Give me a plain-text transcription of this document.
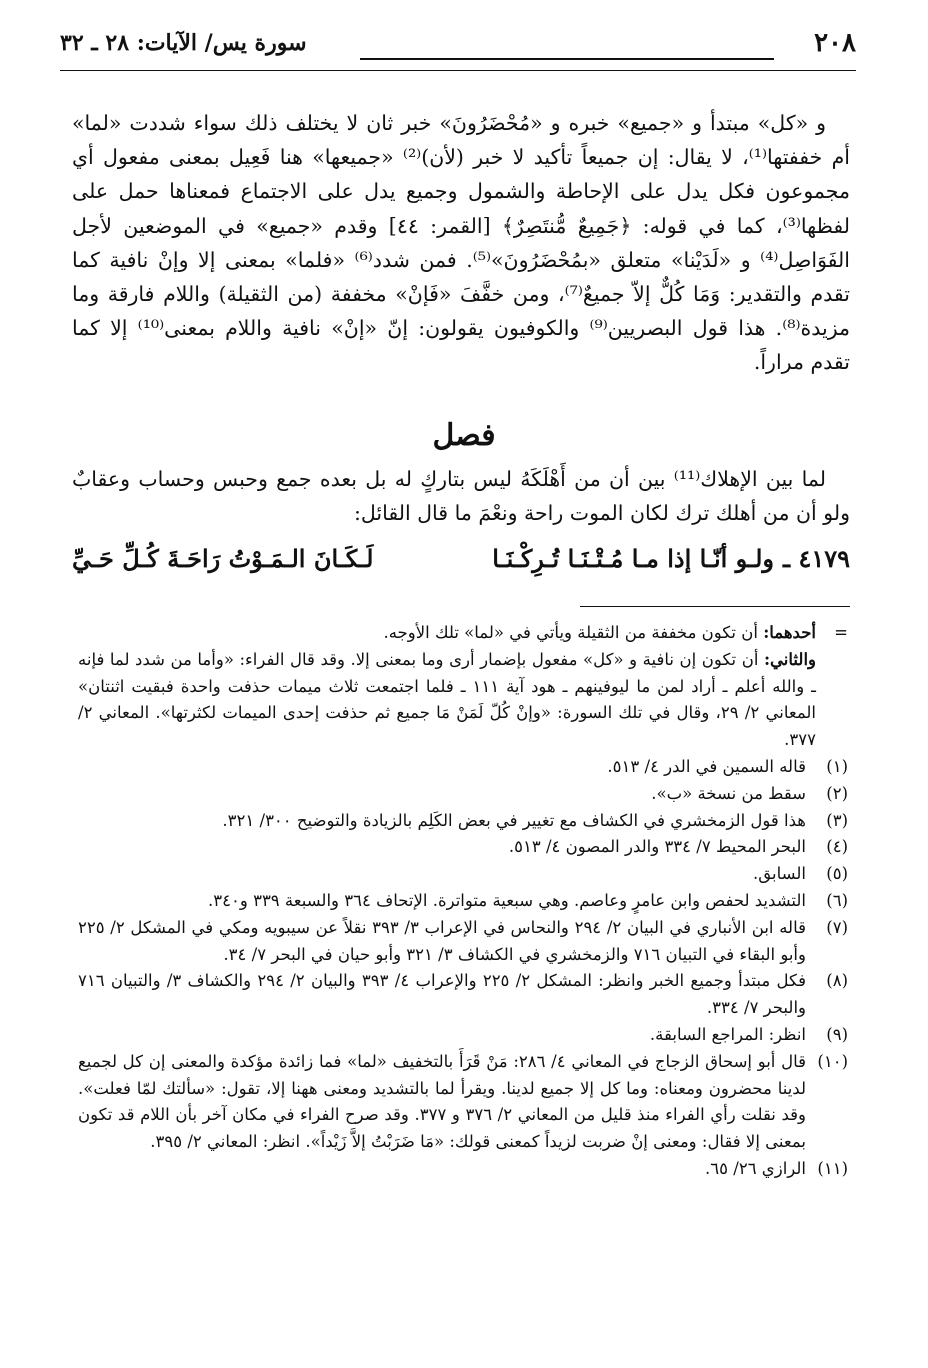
٢٠٨
سورة يس/ الآيات: ٢٨ ـ ٣٢

و «كل» مبتدأ و «جميع» خبره و «مُحْضَرُونَ» خبر ثان لا يختلف ذلك سواء شددت «لما» أم خففتها⁽¹⁾، لا يقال: إن جميعاً تأكيد لا خبر (لأن)⁽²⁾ «جميعها» هنا فَعِيل بمعنى مفعول أي مجموعون فكل يدل على الإحاطة والشمول وجميع يدل على الاجتماع فمعناها حمل على لفظها⁽³⁾، كما في قوله: ﴿جَمِيعٌ مُّنتَصِرٌ﴾ [القمر: ٤٤] وقدم «جميع» في الموضعين لأجل الفَوَاصِل⁽⁴⁾ و «لَدَيْنا» متعلق «بمُحْضَرُونَ»⁽⁵⁾. فمن شدد⁽⁶⁾ «فلما» بمعنى إلا وإنْ نافية كما تقدم والتقدير: وَمَا كُلٌّ إلاّ جميعٌ⁽⁷⁾، ومن خفَّفَ «فَإنْ» مخففة (من الثقيلة) واللام فارقة وما مزيدة⁽⁸⁾. هذا قول البصريين⁽⁹⁾ والكوفيون يقولون: إنّ «إنْ» نافية واللام بمعنى⁽¹⁰⁾ إلا كما تقدم مراراً.

فصل

لما بين الإهلاك⁽¹¹⁾ بين أن من أَهْلَكَهُ ليس بتاركٍ له بل بعده جمع وحبس وحساب وعقابٌ ولو أن من أهلك ترك لكان الموت راحة ونعْمَ ما قال القائل:

٤١٧٩ ـ
ولـو أنّـا إذا مـا مُـتْـنَـا تُـرِكْـنَـا
لَـكَـانَ الـمَـوْتُ رَاحَـةَ كُـلِّ حَـيِّ
=

أحدهما: أن تكون مخففة من الثقيلة ويأتي في «لما» تلك الأوجه.

والثاني: أن تكون إن نافية و «كل» مفعول بإضمار أرى وما بمعنى إلا. وقد قال الفراء: «وأما من شدد لما فإنه ـ والله أعلم ـ أراد لمن ما ليوفينهم ـ هود آية ١١١ ـ فلما اجتمعت ثلاث ميمات حذفت واحدة فبقيت اثنتان» المعاني ٢/ ٢٩، وقال في تلك السورة: «وإنْ كُلّ لَمَنْ مَا جميع ثم حذفت إحدى الميمات لكثرتها». المعاني ٢/ ٣٧٧.

(١)
قاله السمين في الدر ٤/ ٥١٣.
(٢)
سقط من نسخة «ب».
(٣)
هذا قول الزمخشري في الكشاف مع تغيير في بعض الكَلِم بالزيادة والتوضيح ٣٠٠/ ٣٢١.
(٤)
البحر المحيط ٧/ ٣٣٤ والدر المصون ٤/ ٥١٣.
(٥)
السابق.
(٦)
التشديد لحفص وابن عامرٍ وعاصم. وهي سبعية متواترة. الإتحاف ٣٦٤ والسبعة ٣٣٩ و٣٤٠.
(٧)
قاله ابن الأنباري في البيان ٢/ ٢٩٤ والنحاس في الإعراب ٣/ ٣٩٣ نقلاً عن سيبويه ومكي في المشكل ٢/ ٢٢٥ وأبو البقاء في التبيان ٧١٦ والزمخشري في الكشاف ٣/ ٣٢١ وأبو حيان في البحر ٧/ ٣٤.
(٨)
فكل مبتدأ وجميع الخبر وانظر: المشكل ٢/ ٢٢٥ والإعراب ٤/ ٣٩٣ والبيان ٢/ ٢٩٤ والكشاف ٣/ والتبيان ٧١٦ والبحر ٧/ ٣٣٤.
(٩)
انظر: المراجع السابقة.
(١٠)
قال أبو إسحاق الزجاج في المعاني ٤/ ٢٨٦: مَنْ قَرَأَ بالتخفيف «لما» فما زائدة مؤكدة والمعنى إن كل لجميع لدينا محضرون ومعناه: وما كل إلا جميع لدينا. ويقرأ لما بالتشديد ومعنى ههنا إلا، تقول: «سألتك لمّا فعلت». وقد نقلت رأي الفراء منذ قليل من المعاني ٢/ ٣٧٦ و ٣٧٧. وقد صرح الفراء في مكان آخر بأن اللام قد تكون بمعنى إلا فقال: ومعنى إنْ ضربت لزيداً كمعنى قولك: «مَا ضَرَبْتُ إلاَّ زَيْداً». انظر: المعاني ٢/ ٣٩٥.
(١١)
الرازي ٢٦/ ٦٥.
